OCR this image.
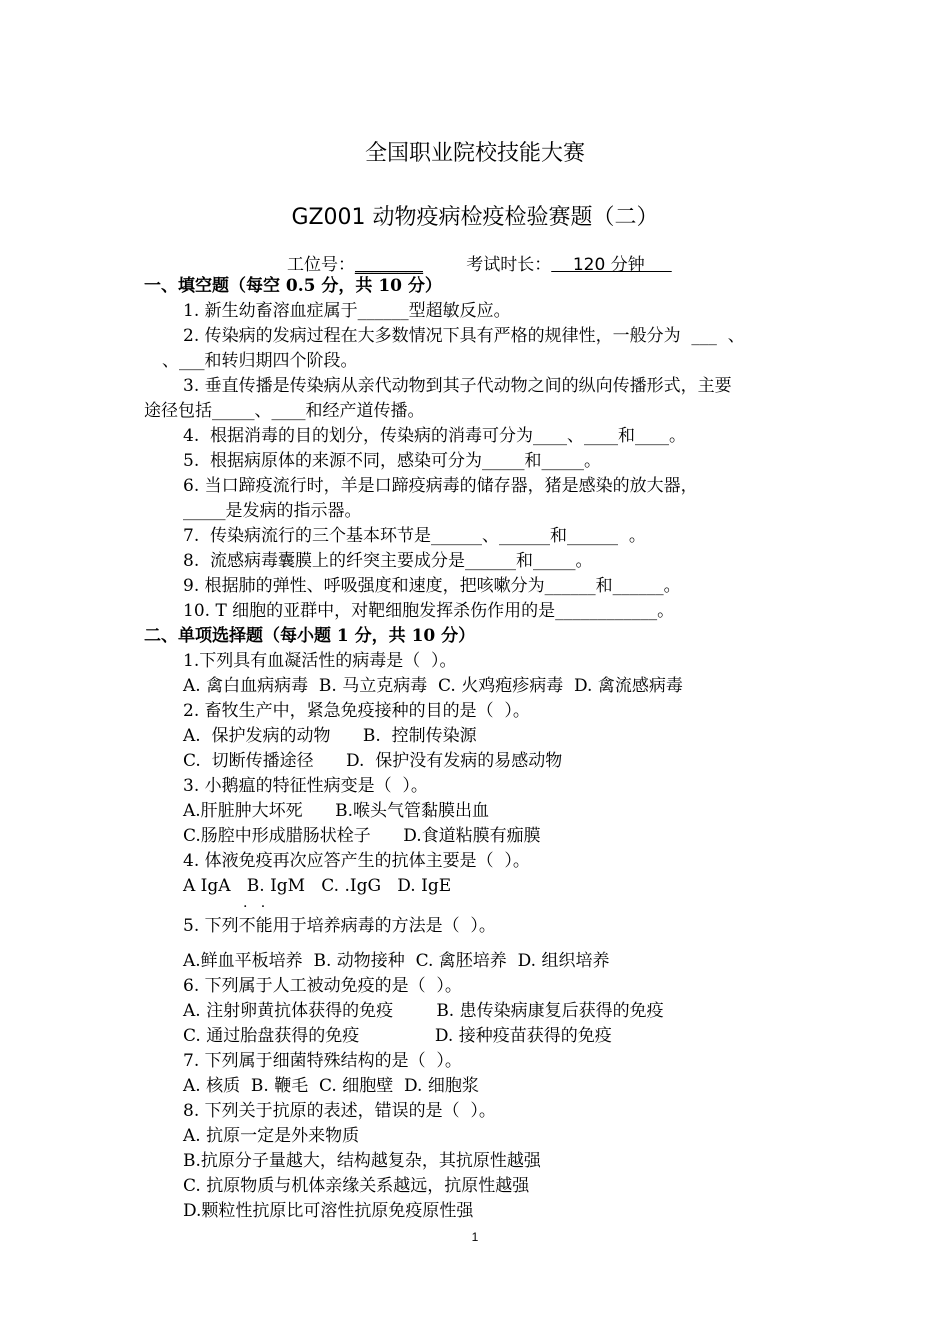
全国职业院校技能大赛
GZ001 动物疫病检疫检验赛题（二）
工位号：________	考试时长：    120 分钟
一、填空题（每空 0.5 分，共 10 分）
1. 新生幼畜溶血症属于______型超敏反应。
2. 传染病的发病过程在大多数情况下具有严格的规律性，一般分为  ___  、
、___和转归期四个阶段。
3. 垂直传播是传染病从亲代动物到其子代动物之间的纵向传播形式，主要
途径包括_____、____和经产道传播。
4.  根据消毒的目的划分，传染病的消毒可分为____、____和____。
5.  根据病原体的来源不同，感染可分为_____和_____。
6. 当口蹄疫流行时，羊是口蹄疫病毒的储存器，猪是感染的放大器，
_____是发病的指示器。
7.  传染病流行的三个基本环节是______、______和______  。
8.  流感病毒囊膜上的纤突主要成分是______和_____。
9. 根据肺的弹性、呼吸强度和速度，把咳嗽分为______和______。
10. T 细胞的亚群中，对靶细胞发挥杀伤作用的是____________。
二、单项选择题（每小题 1 分，共 10 分）
1.下列具有血凝活性的病毒是（  ）。
A. 禽白血病病毒  B. 马立克病毒  C. 火鸡疱疹病毒  D. 禽流感病毒
2. 畜牧生产中，紧急免疫接种的目的是（  ）。
A.  保护发病的动物      B.  控制传染源
C.  切断传播途径      D.  保护没有发病的易感动物
3. 小鹅瘟的特征性病变是（  ）。
A.肝脏肿大坏死      B.喉头气管黏膜出血
C.肠腔中形成腊肠状栓子      D.食道粘膜有痂膜
4. 体液免疫再次应答产生的抗体主要是（  ）。
A IgA   B. IgM   C. .IgG   D. IgE
.   .
5. 下列不能用于培养病毒的方法是（  ）。
A.鲜血平板培养  B. 动物接种  C. 禽胚培养  D. 组织培养
6. 下列属于人工被动免疫的是（  ）。
A. 注射卵黄抗体获得的免疫        B. 患传染病康复后获得的免疫
C. 通过胎盘获得的免疫              D. 接种疫苗获得的免疫
7. 下列属于细菌特殊结构的是（  ）。
A. 核质  B. 鞭毛  C. 细胞壁  D. 细胞浆
8. 下列关于抗原的表述，错误的是（  ）。
A. 抗原一定是外来物质
B.抗原分子量越大，结构越复杂，其抗原性越强
C. 抗原物质与机体亲缘关系越远，抗原性越强
D.颗粒性抗原比可溶性抗原免疫原性强
1
